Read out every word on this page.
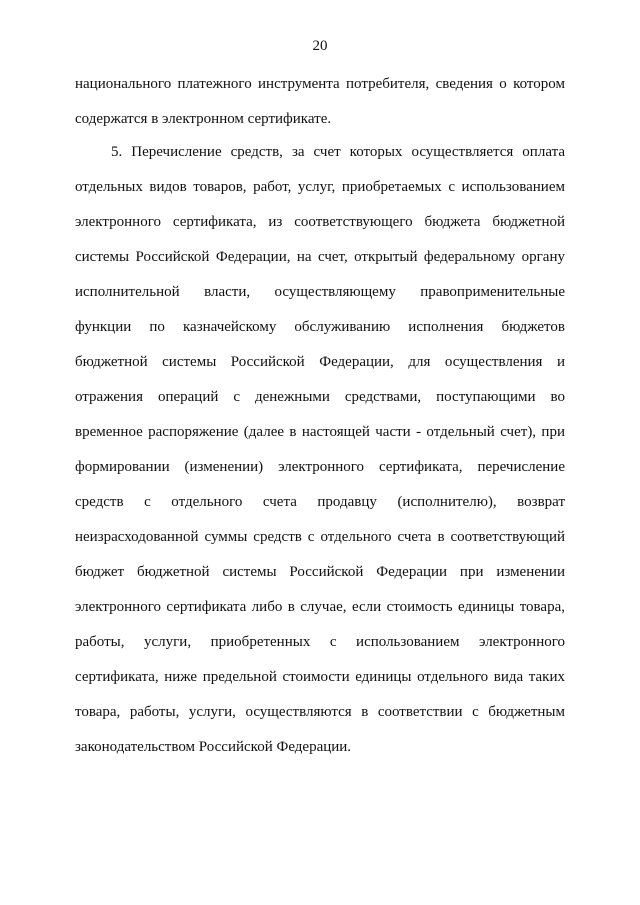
20
национального платежного инструмента потребителя, сведения о котором
содержатся в электронном сертификате.
5. Перечисление средств, за счет которых осуществляется оплата
отдельных видов товаров, работ, услуг, приобретаемых с использованием
электронного сертификата, из соответствующего бюджета бюджетной
системы Российской Федерации, на счет, открытый федеральному органу
исполнительной власти, осуществляющему правоприменительные
функции по казначейскому обслуживанию исполнения бюджетов
бюджетной системы Российской Федерации, для осуществления и
отражения операций с денежными средствами, поступающими во
временное распоряжение (далее в настоящей части - отдельный счет), при
формировании (изменении) электронного сертификата, перечисление
средств с отдельного счета продавцу (исполнителю), возврат
неизрасходованной суммы средств с отдельного счета в соответствующий
бюджет бюджетной системы Российской Федерации при изменении
электронного сертификата либо в случае, если стоимость единицы товара,
работы, услуги, приобретенных с использованием электронного
сертификата, ниже предельной стоимости единицы отдельного вида таких
товара, работы, услуги, осуществляются в соответствии с бюджетным
законодательством Российской Федерации.
